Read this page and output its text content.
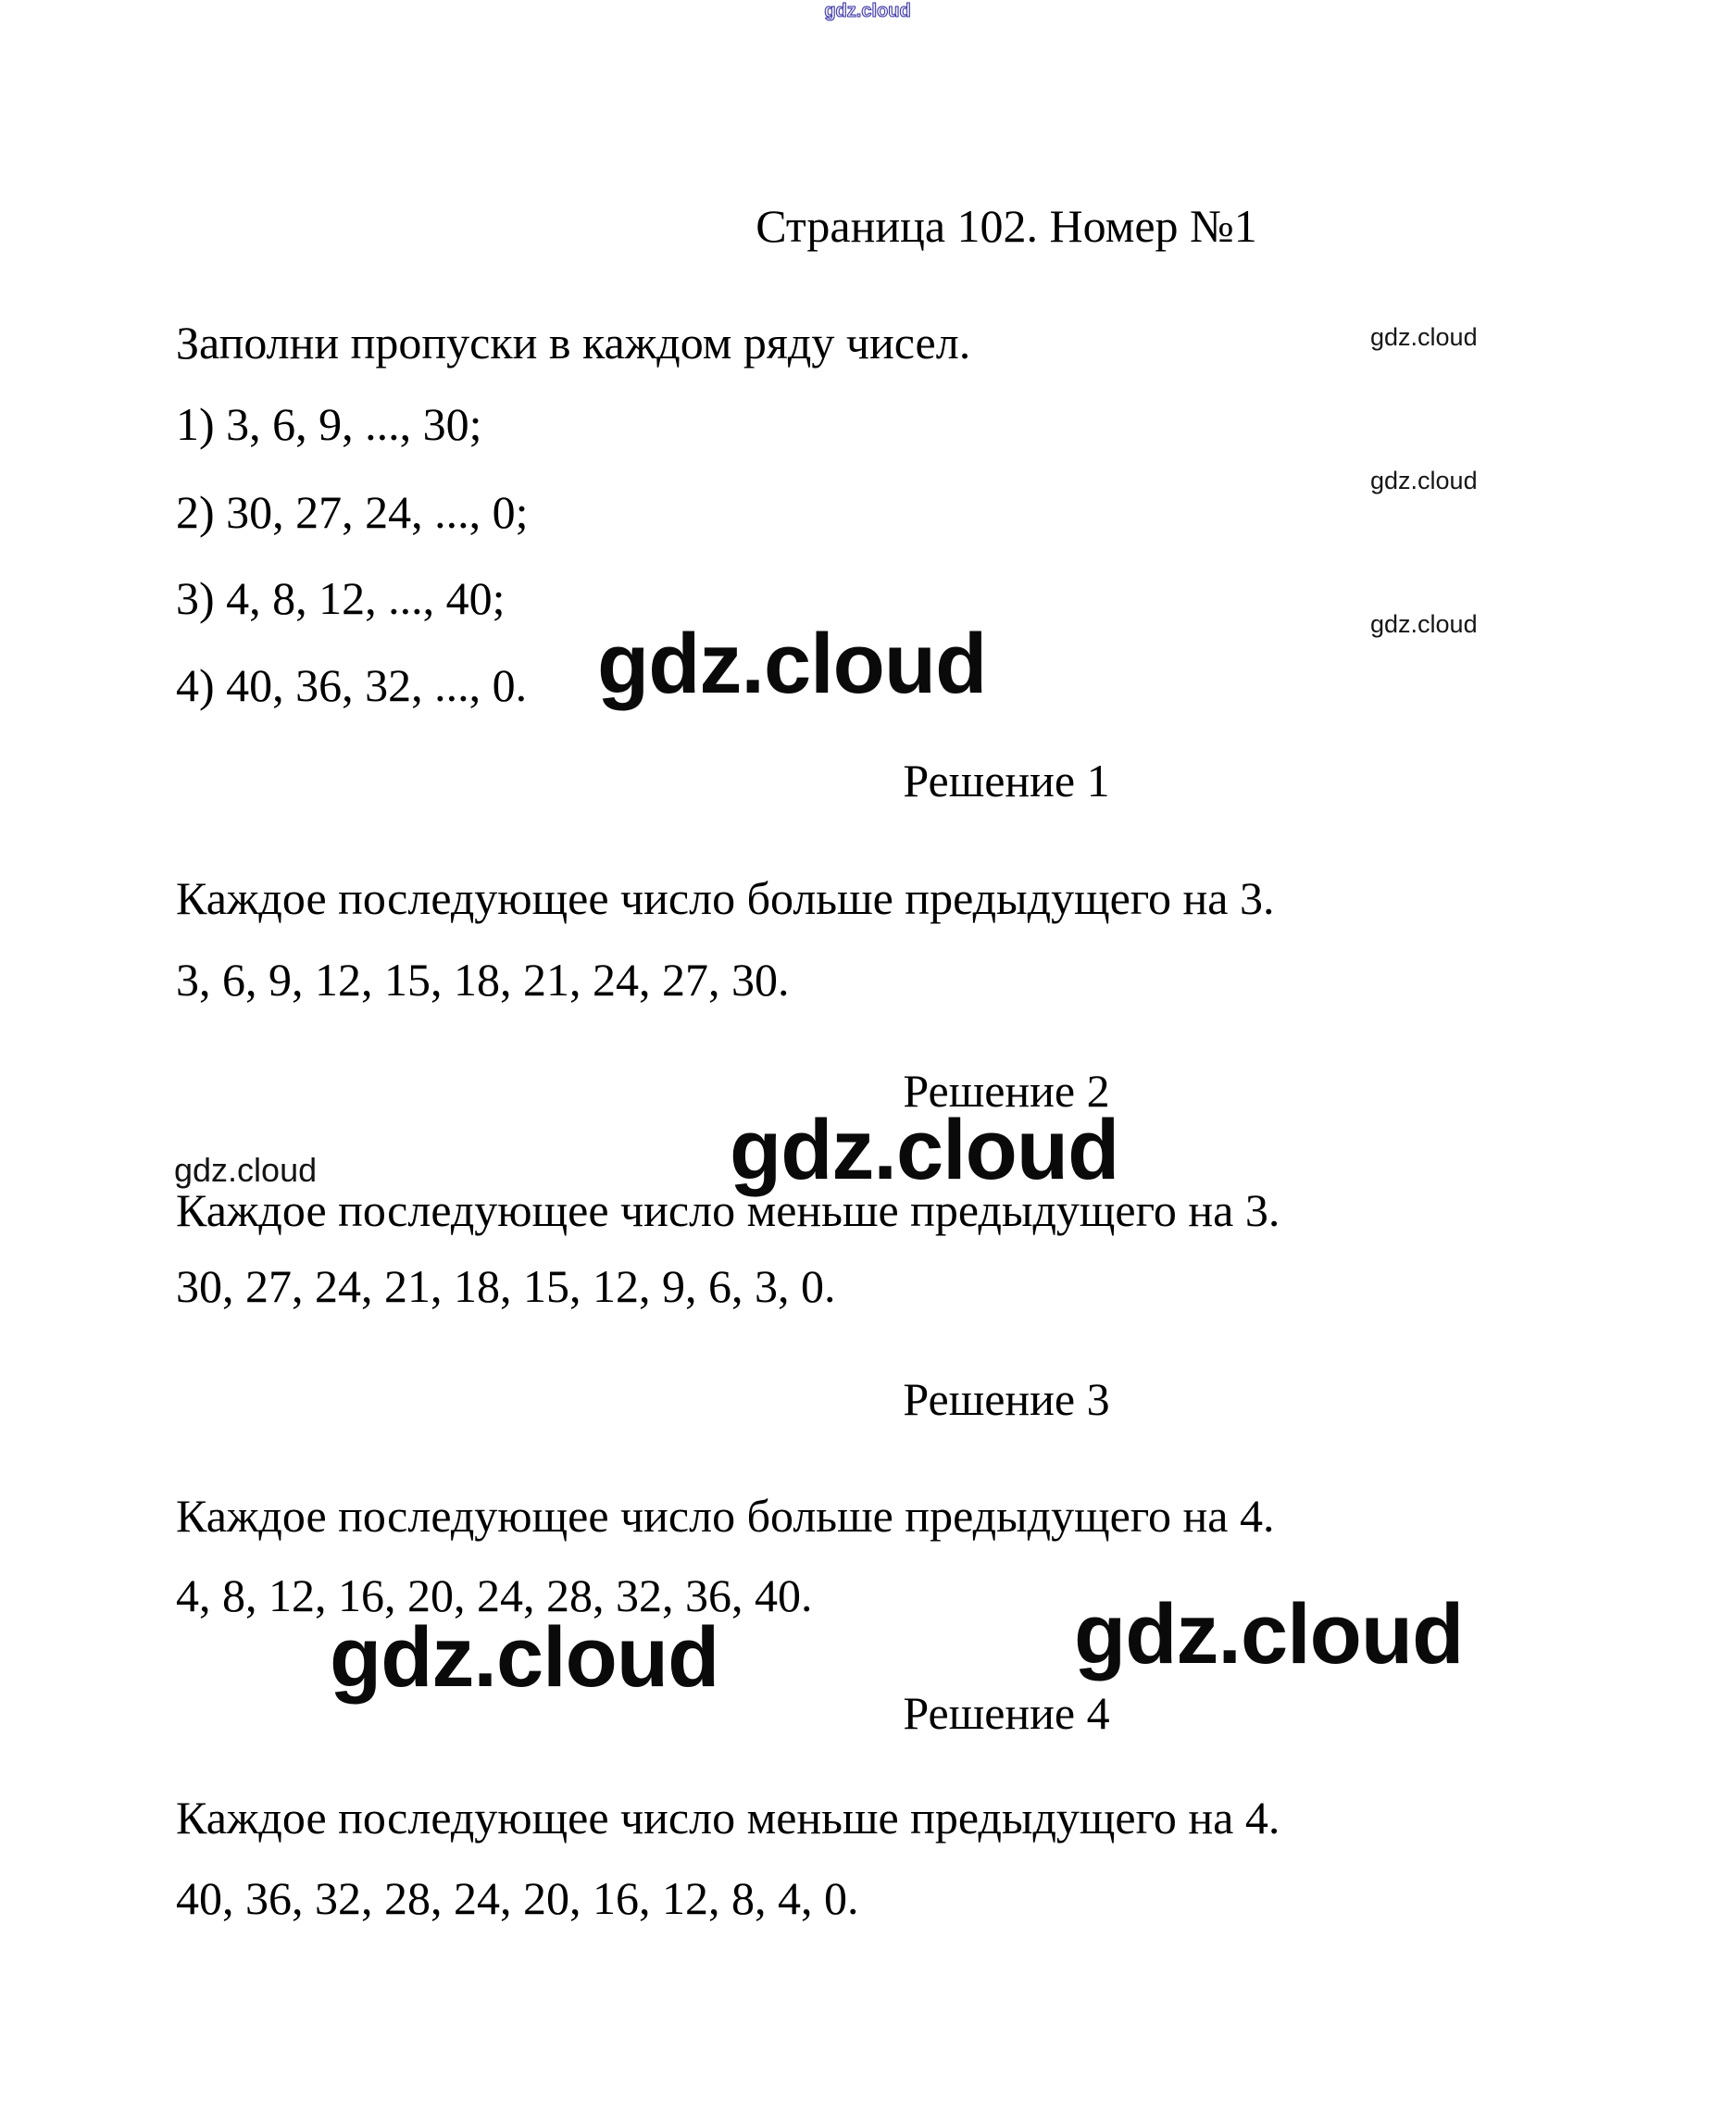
gdz.cloud
Страница 102. Номер №1
gdz.cloud
gdz.cloud
gdz.cloud
Заполни пропуски в каждом ряду чисел.
1) 3, 6, 9, ..., 30;
2) 30, 27, 24, ..., 0;
3) 4, 8, 12, ..., 40;
4) 40, 36, 32, ..., 0. gdz.cloud
Решение 1
Каждое последующее число больше предыдущего на 3.
3, 6, 9, 12, 15, 18, 21, 24, 27, 30.
Решение 2
gdz.cloud
gdz.cloud
Каждое последующее число меньше предыдущего на 3.
30, 27, 24, 21, 18, 15, 12, 9, 6, 3, 0.
Решение 3
Каждое последующее число больше предыдущего на 4.
4, 8, 12, 16, 20, 24, 28, 32, 36, 40.
gdz.cloud	gdz.cloud
Решение 4
Каждое последующее число меньше предыдущего на 4.
40, 36, 32, 28, 24, 20, 16, 12, 8, 4, 0.
